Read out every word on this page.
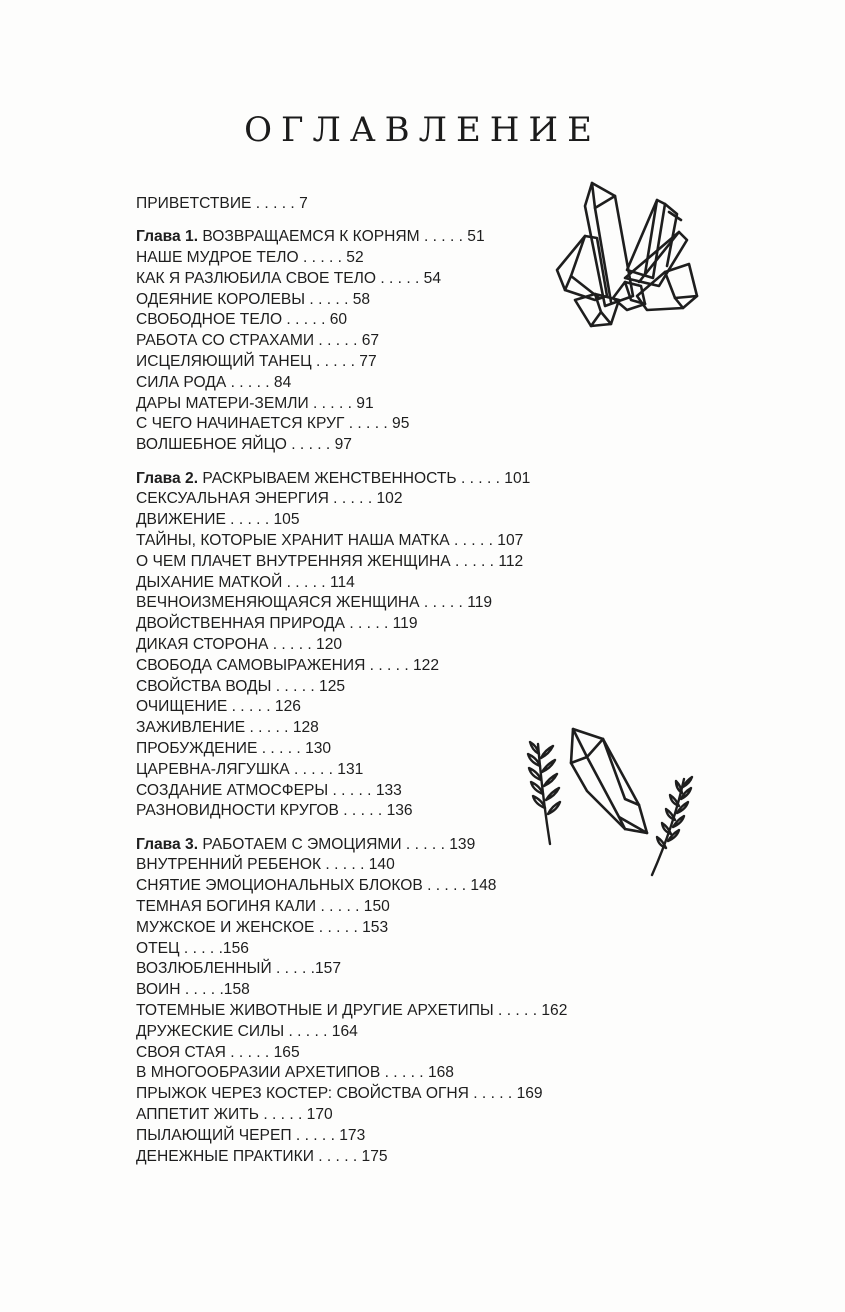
ОГЛАВЛЕНИЕ
ПРИВЕТСТВИЕ . . . . . 7
Глава 1. ВОЗВРАЩАЕМСЯ К КОРНЯМ . . . . . 51
НАШЕ МУДРОЕ ТЕЛО . . . . . 52
КАК Я РАЗЛЮБИЛА СВОЕ ТЕЛО . . . . . 54
ОДЕЯНИЕ КОРОЛЕВЫ . . . . . 58
СВОБОДНОЕ ТЕЛО . . . . . 60
РАБОТА СО СТРАХАМИ . . . . . 67
ИСЦЕЛЯЮЩИЙ ТАНЕЦ . . . . . 77
СИЛА РОДА . . . . . 84
ДАРЫ МАТЕРИ-ЗЕМЛИ . . . . . 91
С ЧЕГО НАЧИНАЕТСЯ КРУГ . . . . . 95
ВОЛШЕБНОЕ ЯЙЦО . . . . . 97
Глава 2. РАСКРЫВАЕМ ЖЕНСТВЕННОСТЬ . . . . . 101
СЕКСУАЛЬНАЯ ЭНЕРГИЯ . . . . . 102
ДВИЖЕНИЕ . . . . . 105
ТАЙНЫ, КОТОРЫЕ ХРАНИТ НАША МАТКА . . . . . 107
О ЧЕМ ПЛАЧЕТ ВНУТРЕННЯЯ ЖЕНЩИНА . . . . . 112
ДЫХАНИЕ МАТКОЙ . . . . . 114
ВЕЧНОИЗМЕНЯЮЩАЯСЯ ЖЕНЩИНА . . . . . 119
ДВОЙСТВЕННАЯ ПРИРОДА . . . . . 119
ДИКАЯ СТОРОНА . . . . . 120
СВОБОДА САМОВЫРАЖЕНИЯ . . . . . 122
СВОЙСТВА ВОДЫ . . . . . 125
ОЧИЩЕНИЕ . . . . . 126
ЗАЖИВЛЕНИЕ . . . . . 128
ПРОБУЖДЕНИЕ . . . . . 130
ЦАРЕВНА-ЛЯГУШКА . . . . . 131
СОЗДАНИЕ АТМОСФЕРЫ . . . . . 133
РАЗНОВИДНОСТИ КРУГОВ . . . . . 136
Глава 3. РАБОТАЕМ С ЭМОЦИЯМИ . . . . . 139
ВНУТРЕННИЙ РЕБЕНОК . . . . . 140
СНЯТИЕ ЭМОЦИОНАЛЬНЫХ БЛОКОВ . . . . . 148
ТЕМНАЯ БОГИНЯ КАЛИ . . . . . 150
МУЖСКОЕ И ЖЕНСКОЕ . . . . . 153
ОТЕЦ . . . . .156
ВОЗЛЮБЛЕННЫЙ . . . . .157
ВОИН . . . . .158
ТОТЕМНЫЕ ЖИВОТНЫЕ И ДРУГИЕ АРХЕТИПЫ . . . . . 162
ДРУЖЕСКИЕ СИЛЫ . . . . . 164
СВОЯ СТАЯ . . . . . 165
В МНОГООБРАЗИИ АРХЕТИПОВ . . . . . 168
ПРЫЖОК ЧЕРЕЗ КОСТЕР: СВОЙСТВА ОГНЯ . . . . . 169
АППЕТИТ ЖИТЬ . . . . . 170
ПЫЛАЮЩИЙ ЧЕРЕП . . . . . 173
ДЕНЕЖНЫЕ ПРАКТИКИ . . . . . 175
